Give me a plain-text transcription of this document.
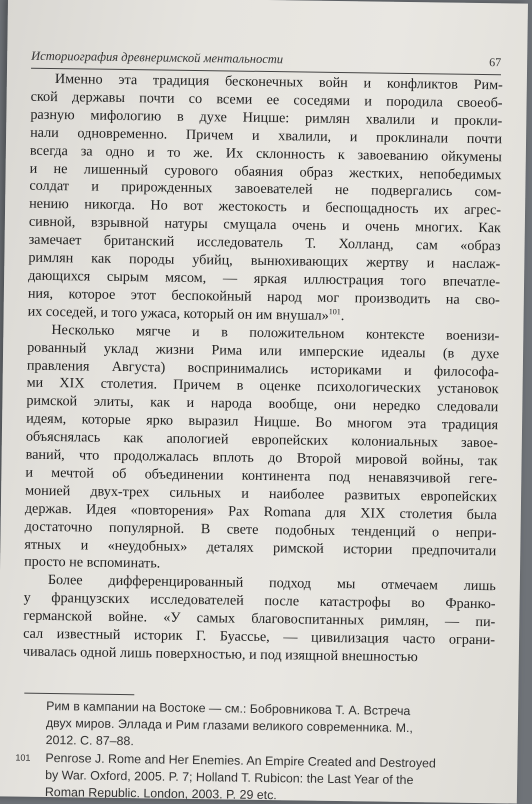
Историография древнеримской ментальности	67

Именно эта традиция бесконечных войн и конфликтов Рим-
ской державы почти со всеми ее соседями и породила своеоб-
разную мифологию в духе Ницше: римлян хвалили и прокли-
нали одновременно. Причем и хвалили, и проклинали почти
всегда за одно и то же. Их склонность к завоеванию ойкумены
и не лишенный сурового обаяния образ жестких, непобедимых
солдат и прирожденных завоевателей не подвергались сом-
нению никогда. Но вот жестокость и беспощадность их агрес-
сивной, взрывной натуры смущала очень и очень многих. Как
замечает британский исследователь Т. Холланд, сам «образ
римлян как породы убийц, вынюхивающих жертву и наслаж-
дающихся сырым мясом, — яркая иллюстрация того впечатле-
ния, которое этот беспокойный народ мог производить на сво-
их соседей, и того ужаса, который он им внушал»$^{101}$.

Несколько мягче и в положительном контексте военизи-
рованный уклад жизни Рима или имперские идеалы (в духе
правления Августа) воспринимались историками и философа-
ми XIX столетия. Причем в оценке психологических установок
римской элиты, как и народа вообще, они нередко следовали
идеям, которые ярко выразил Ницше. Во многом эта традиция
объяснялась как апологией европейских колониальных завое-
ваний, что продолжалась вплоть до Второй мировой войны, так
и мечтой об объединении континента под ненавязчивой геге-
монией двух-трех сильных и наиболее развитых европейских
держав. Идея «повторения» Pax Romana для XIX столетия была
достаточно популярной. В свете подобных тенденций о непри-
ятных и «неудобных» деталях римской истории предпочитали
просто не вспоминать.

Более дифференцированный подход мы отмечаем лишь
у французских исследователей после катастрофы во Франко-
германской войне. «У самых благовоспитанных римлян, — пи-
сал известный историк Г. Буассье, — цивилизация часто ограни-
чивалась одной лишь поверхностью, и под изящной внешностью

Рим в кампании на Востоке — см.: Бобровникова Т. А. Встреча
двух миров. Эллада и Рим глазами великого современника. М.,
2012. С. 87–88.
101	Penrose J. Rome and Her Enemies. An Empire Created and Destroyed
by War. Oxford, 2005. P. 7; Holland T. Rubicon: the Last Year of the
Roman Republic. London, 2003. P. 29 etc.
